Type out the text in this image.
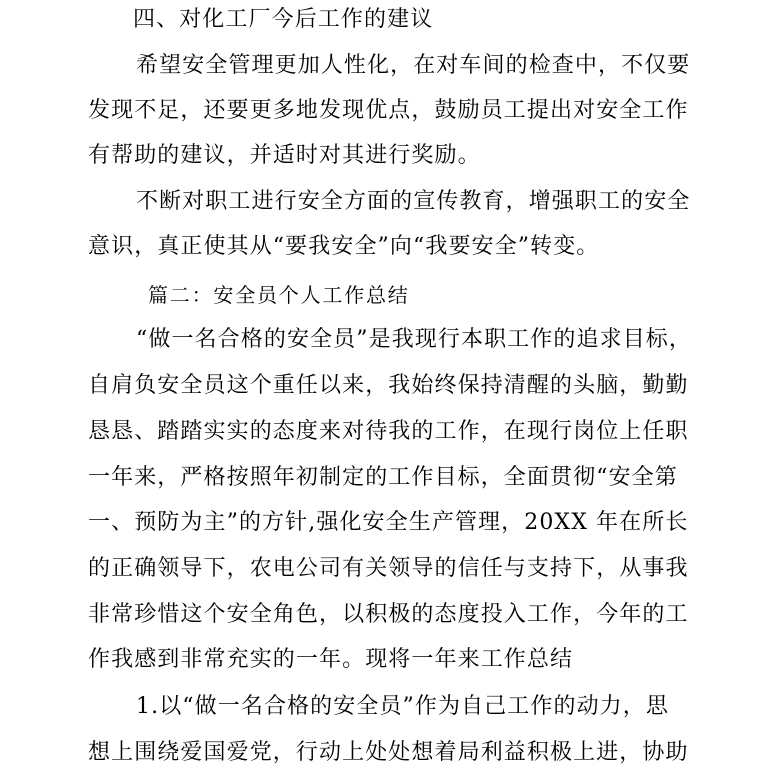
四、对化工厂今后工作的建议
希望安全管理更加人性化，在对车间的检查中，不仅要
发现不足，还要更多地发现优点，鼓励员工提出对安全工作
有帮助的建议，并适时对其进行奖励。
不断对职工进行安全方面的宣传教育，增强职工的安全
意识，真正使其从“要我安全”向“我要安全”转变。
篇二：安全员个人工作总结
“做一名合格的安全员”是我现行本职工作的追求目标，
自肩负安全员这个重任以来，我始终保持清醒的头脑，勤勤
恳恳、踏踏实实的态度来对待我的工作，在现行岗位上任职
一年来，严格按照年初制定的工作目标，全面贯彻“安全第
一、预防为主”的方针,强化安全生产管理，20XX 年在所长
的正确领导下，农电公司有关领导的信任与支持下，从事我
非常珍惜这个安全角色，以积极的态度投入工作，今年的工
作我感到非常充实的一年。现将一年来工作总结
1.以“做一名合格的安全员”作为自己工作的动力，思
想上围绕爱国爱党，行动上处处想着局利益积极上进，协助
